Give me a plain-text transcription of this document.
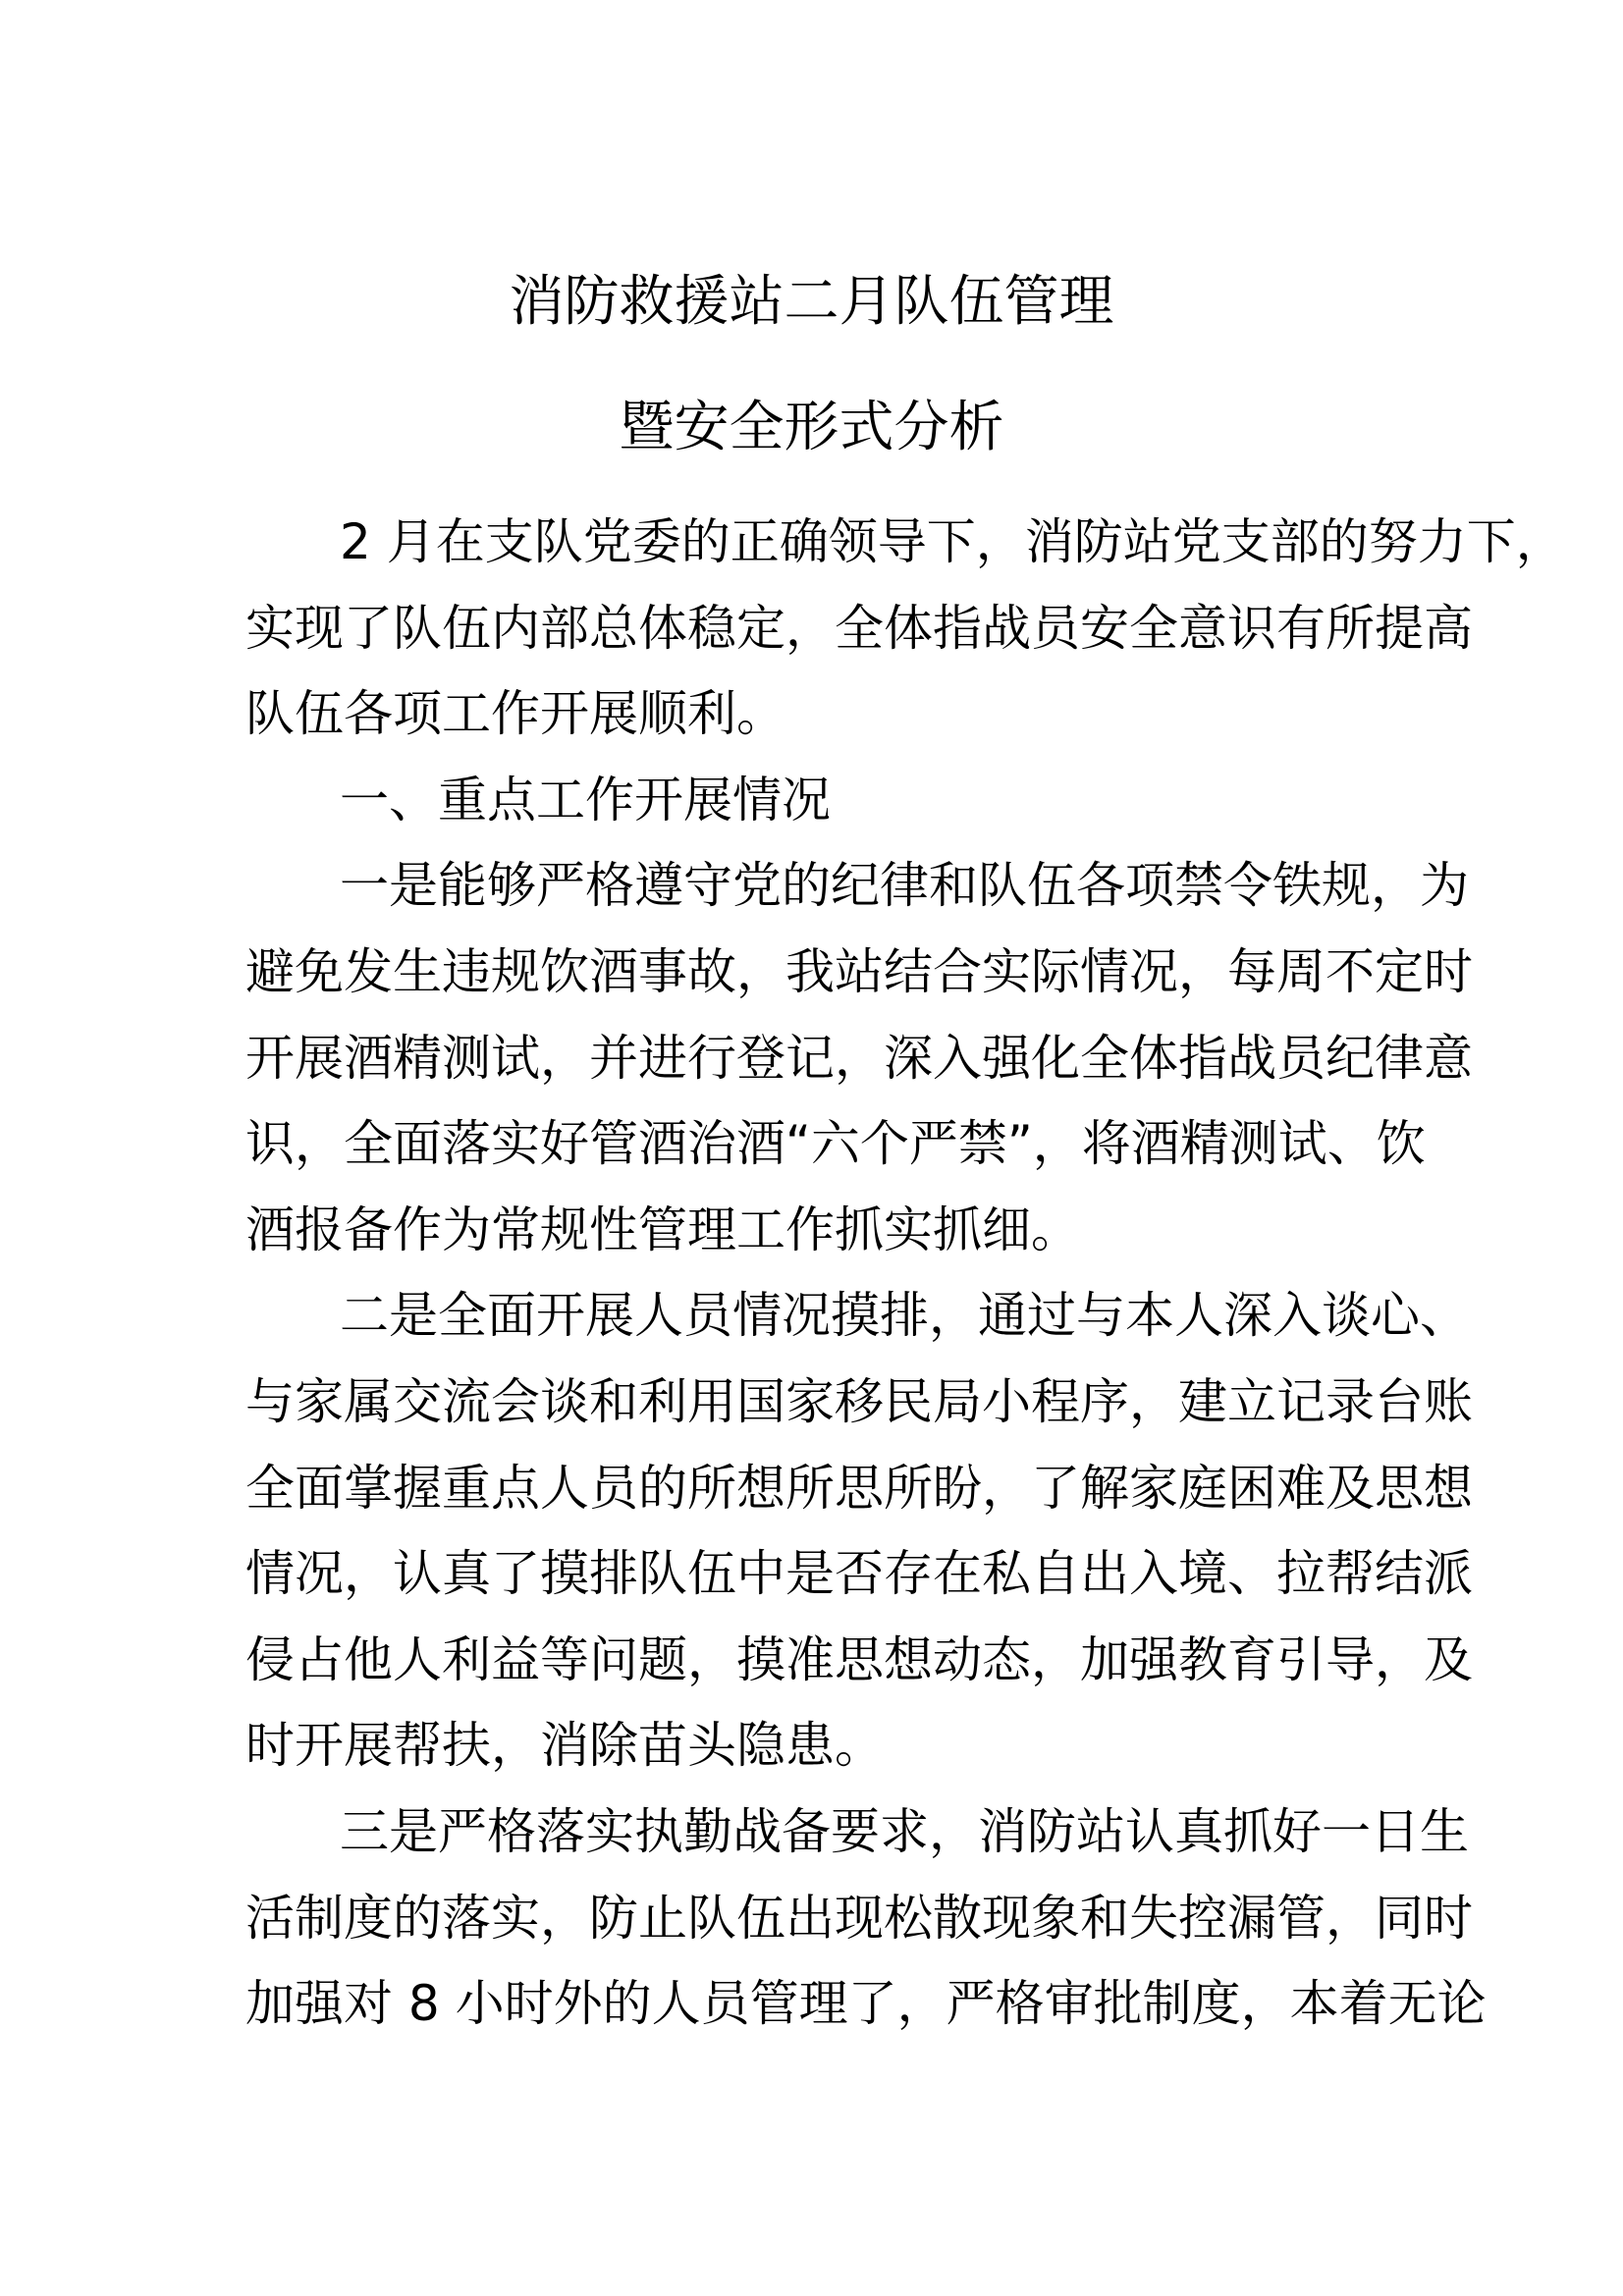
消防救援站二月队伍管理
暨安全形式分析
2 月在支队党委的正确领导下，消防站党支部的努力下，
实现了队伍内部总体稳定，全体指战员安全意识有所提高
队伍各项工作开展顺利。
一、重点工作开展情况
一是能够严格遵守党的纪律和队伍各项禁令铁规，为
避免发生违规饮酒事故，我站结合实际情况，每周不定时
开展酒精测试，并进行登记，深入强化全体指战员纪律意
识，全面落实好管酒治酒“六个严禁”，将酒精测试、饮
酒报备作为常规性管理工作抓实抓细。
二是全面开展人员情况摸排，通过与本人深入谈心、
与家属交流会谈和利用国家移民局小程序，建立记录台账
全面掌握重点人员的所想所思所盼，了解家庭困难及思想
情况，认真了摸排队伍中是否存在私自出入境、拉帮结派
侵占他人利益等问题，摸准思想动态，加强教育引导，及
时开展帮扶，消除苗头隐患。
三是严格落实执勤战备要求，消防站认真抓好一日生
活制度的落实，防止队伍出现松散现象和失控漏管，同时
加强对 8 小时外的人员管理了，严格审批制度，本着无论
